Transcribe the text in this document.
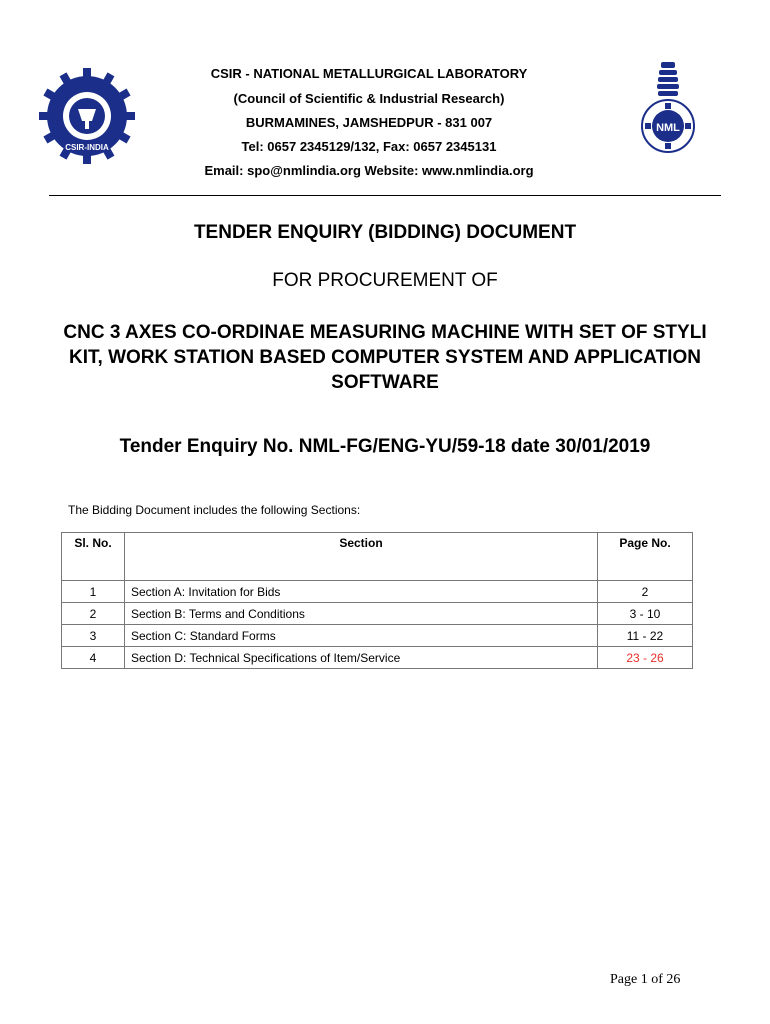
CSIR-INDIA
NML
CSIR - NATIONAL METALLURGICAL LABORATORY
(Council of Scientific & Industrial Research)
BURMAMINES, JAMSHEDPUR - 831 007
Tel: 0657 2345129/132, Fax: 0657 2345131
Email: spo@nmlindia.org Website: www.nmlindia.org
TENDER ENQUIRY (BIDDING) DOCUMENT
FOR PROCUREMENT OF
CNC 3 AXES CO-ORDINAE MEASURING MACHINE WITH SET OF STYLI KIT, WORK STATION BASED COMPUTER SYSTEM AND APPLICATION SOFTWARE
Tender Enquiry No. NML-FG/ENG-YU/59-18 date 30/01/2019
The Bidding Document includes the following Sections:
Sl. No.	Section	Page No.
1	Section A: Invitation for Bids	2
2	Section B: Terms and Conditions	3 - 10
3	Section C: Standard Forms	11 - 22
4	Section D: Technical Specifications of Item/Service	23 - 26
Page 1 of 26
